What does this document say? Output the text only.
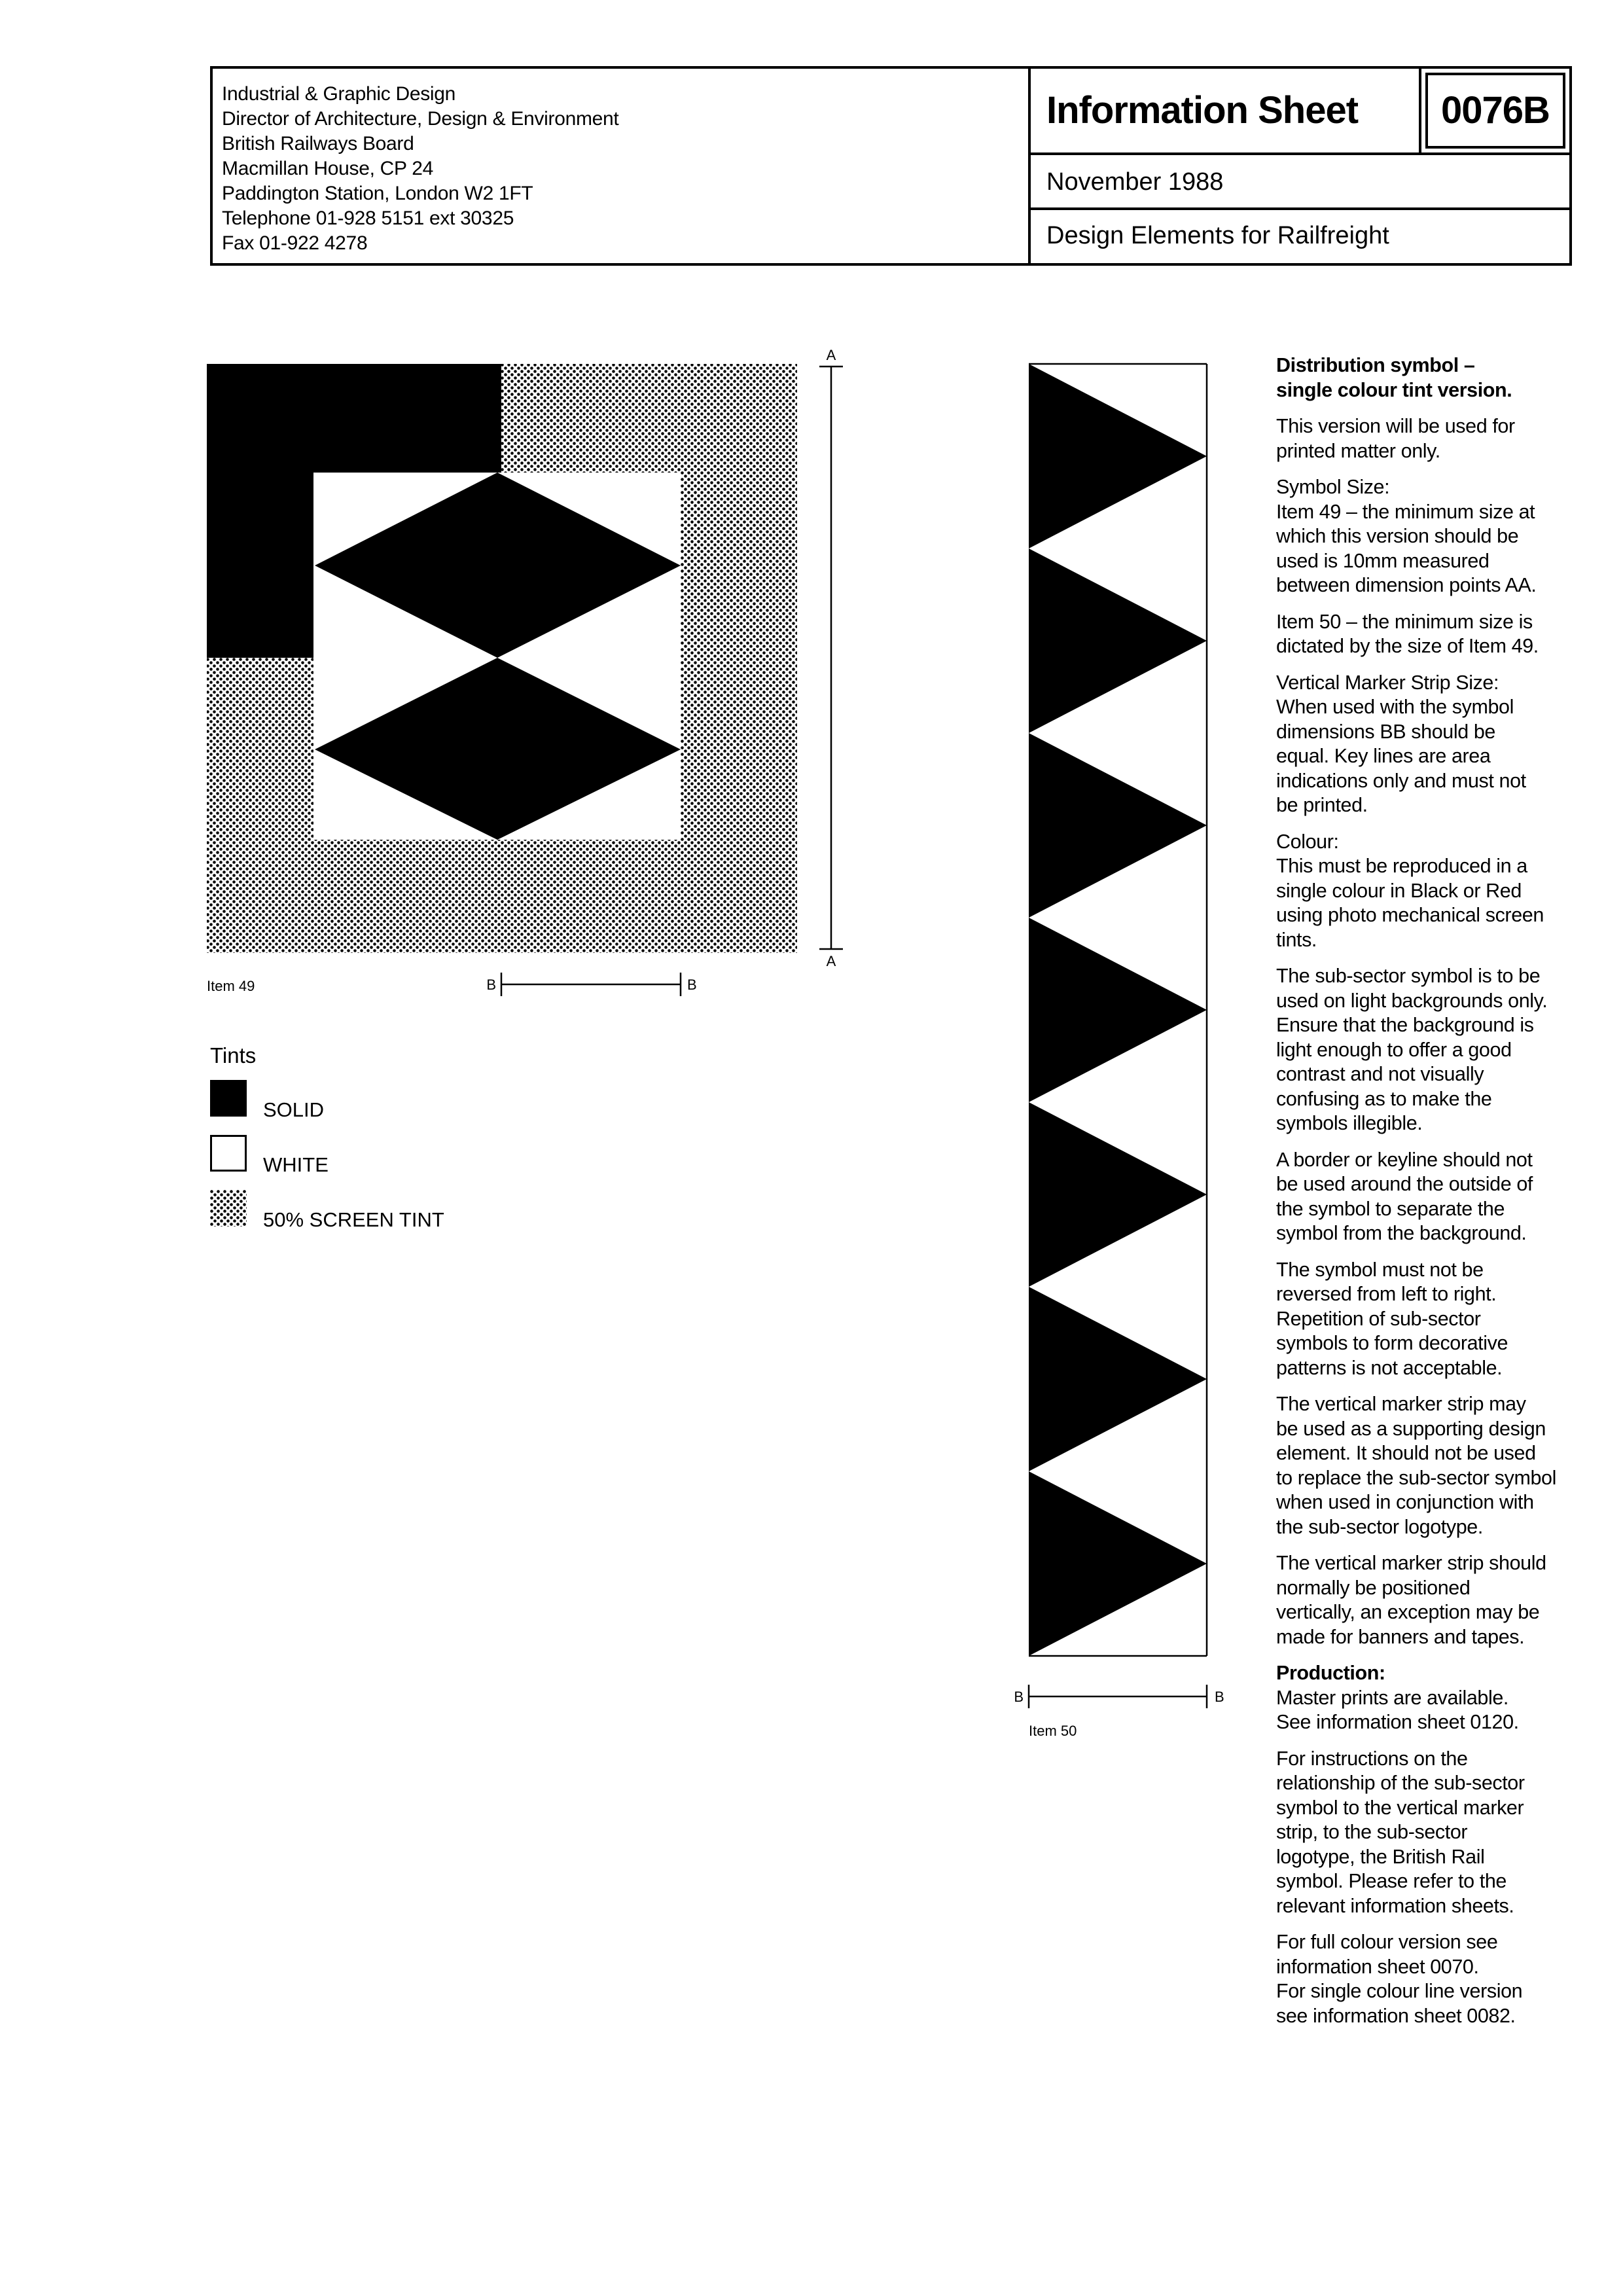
Industrial & Graphic Design
Director of Architecture, Design & Environment
British Railways Board
Macmillan House, CP 24
Paddington Station, London W2 1FT
Telephone 01-928 5151 ext 30325
Fax 01-922 4278
Information Sheet	0076B
November 1988
Design Elements for Railfreight
A
A
B	B
Item 49
Tints
SOLID
WHITE
50% SCREEN TINT
B	B
Item 50

Distribution symbol –
single colour tint version.

This version will be used for
printed matter only.

Symbol Size:
Item 49 – the minimum size at
which this version should be
used is 10mm measured
between dimension points AA.

Item 50 – the minimum size is
dictated by the size of Item 49.

Vertical Marker Strip Size:
When used with the symbol
dimensions BB should be
equal. Key lines are area
indications only and must not
be printed.

Colour:
This must be reproduced in a
single colour in Black or Red
using photo mechanical screen
tints.

The sub-sector symbol is to be
used on light backgrounds only.
Ensure that the background is
light enough to offer a good
contrast and not visually
confusing as to make the
symbols illegible.

A border or keyline should not
be used around the outside of
the symbol to separate the
symbol from the background.

The symbol must not be
reversed from left to right.
Repetition of sub-sector
symbols to form decorative
patterns is not acceptable.

The vertical marker strip may
be used as a supporting design
element. It should not be used
to replace the sub-sector symbol
when used in conjunction with
the sub-sector logotype.

The vertical marker strip should
normally be positioned
vertically, an exception may be
made for banners and tapes.

Production:

Master prints are available.
See information sheet 0120.

For instructions on the
relationship of the sub-sector
symbol to the vertical marker
strip, to the sub-sector
logotype, the British Rail
symbol. Please refer to the
relevant information sheets.

For full colour version see
information sheet 0070.
For single colour line version
see information sheet 0082.
